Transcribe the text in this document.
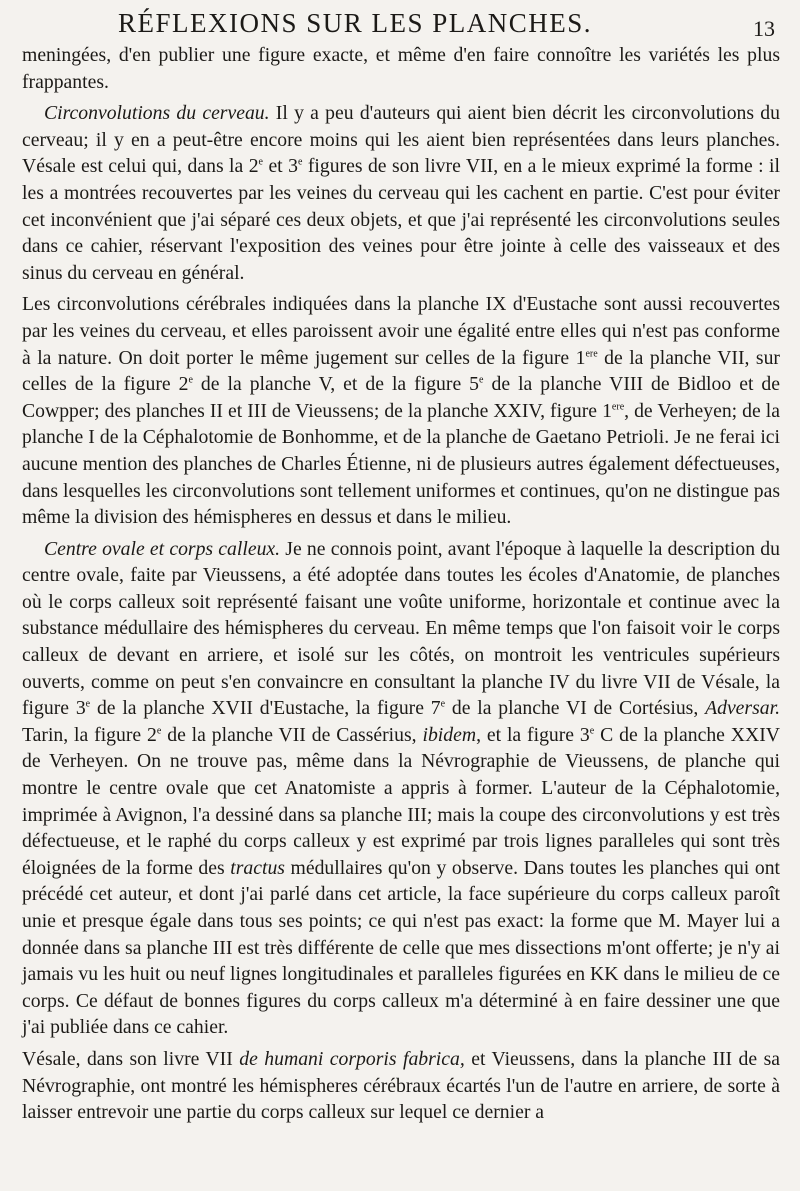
RÉFLEXIONS SUR LES PLANCHES.	13

meningées, d'en publier une figure exacte, et même d'en faire connoître les variétés les plus frappantes.

Circonvolutions du cerveau. Il y a peu d'auteurs qui aient bien décrit les circonvolutions du cerveau; il y en a peut-être encore moins qui les aient bien représentées dans leurs planches. Vésale est celui qui, dans la 2e et 3e figures de son livre VII, en a le mieux exprimé la forme : il les a montrées recouvertes par les veines du cerveau qui les cachent en partie. C'est pour éviter cet inconvénient que j'ai séparé ces deux objets, et que j'ai représenté les circonvolutions seules dans ce cahier, réservant l'exposition des veines pour être jointe à celle des vaisseaux et des sinus du cerveau en général.

Les circonvolutions cérébrales indiquées dans la planche IX d'Eustache sont aussi recouvertes par les veines du cerveau, et elles paroissent avoir une égalité entre elles qui n'est pas conforme à la nature. On doit porter le même jugement sur celles de la figure 1ere de la planche VII, sur celles de la figure 2e de la planche V, et de la figure 5e de la planche VIII de Bidloo et de Cowpper; des planches II et III de Vieussens; de la planche XXIV, figure 1ere, de Verheyen; de la planche I de la Céphalotomie de Bonhomme, et de la planche de Gaetano Petrioli. Je ne ferai ici aucune mention des planches de Charles Étienne, ni de plusieurs autres également défectueuses, dans lesquelles les circonvolutions sont tellement uniformes et continues, qu'on ne distingue pas même la division des hémispheres en dessus et dans le milieu.

Centre ovale et corps calleux. Je ne connois point, avant l'époque à laquelle la description du centre ovale, faite par Vieussens, a été adoptée dans toutes les écoles d'Anatomie, de planches où le corps calleux soit représenté faisant une voûte uniforme, horizontale et continue avec la substance médullaire des hémispheres du cerveau. En même temps que l'on faisoit voir le corps calleux de devant en arriere, et isolé sur les côtés, on montroit les ventricules supérieurs ouverts, comme on peut s'en convaincre en consultant la planche IV du livre VII de Vésale, la figure 3e de la planche XVII d'Eustache, la figure 7e de la planche VI de Cortésius, Adversar. Tarin, la figure 2e de la planche VII de Cassérius, ibidem, et la figure 3e C de la planche XXIV de Verheyen. On ne trouve pas, même dans la Névrographie de Vieussens, de planche qui montre le centre ovale que cet Anatomiste a appris à former. L'auteur de la Céphalotomie, imprimée à Avignon, l'a dessiné dans sa planche III; mais la coupe des circonvolutions y est très défectueuse, et le raphé du corps calleux y est exprimé par trois lignes paralleles qui sont très éloignées de la forme des tractus médullaires qu'on y observe. Dans toutes les planches qui ont précédé cet auteur, et dont j'ai parlé dans cet article, la face supérieure du corps calleux paroît unie et presque égale dans tous ses points; ce qui n'est pas exact: la forme que M. Mayer lui a donnée dans sa planche III est très différente de celle que mes dissections m'ont offerte; je n'y ai jamais vu les huit ou neuf lignes longitudinales et paralleles figurées en KK dans le milieu de ce corps. Ce défaut de bonnes figures du corps calleux m'a déterminé à en faire dessiner une que j'ai publiée dans ce cahier.

Vésale, dans son livre VII de humani corporis fabrica, et Vieussens, dans la planche III de sa Névrographie, ont montré les hémispheres cérébraux écartés l'un de l'autre en arriere, de sorte à laisser entrevoir une partie du corps calleux sur lequel ce dernier a
